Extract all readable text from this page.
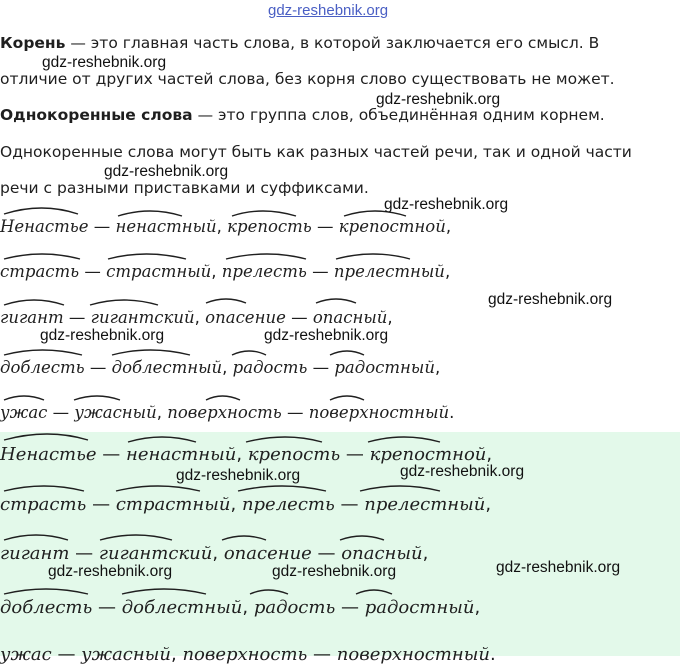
gdz-reshebnik.org
Корень — это главная часть слова, в которой заключается его смысл. В
отличие от других частей слова, без корня слово существовать не может.
Однокоренные слова — это группа слов, объединённая одним корнем.
Однокоренные слова могут быть как разных частей речи, так и одной части
речи с разными приставками и суффиксами.
Ненастье — ненастный, крепость — крепостной,
страсть — страстный, прелесть — прелестный,
гигант — гигантский, опасение — опасный,
доблесть — доблестный, радость — радостный,
ужас — ужасный, поверхность — поверхностный.
Ненастье — ненастный, крепость — крепостной,
страсть — страстный, прелесть — прелестный,
гигант — гигантский, опасение — опасный,
доблесть — доблестный, радость — радостный,
ужас — ужасный, поверхность — поверхностный.
gdz-reshebnik.org
gdz-reshebnik.org
gdz-reshebnik.org
gdz-reshebnik.org
gdz-reshebnik.org
gdz-reshebnik.org	gdz-reshebnik.org
gdz-reshebnik.org	gdz-reshebnik.org
gdz-reshebnik.org	gdz-reshebnik.org	gdz-reshebnik.org
